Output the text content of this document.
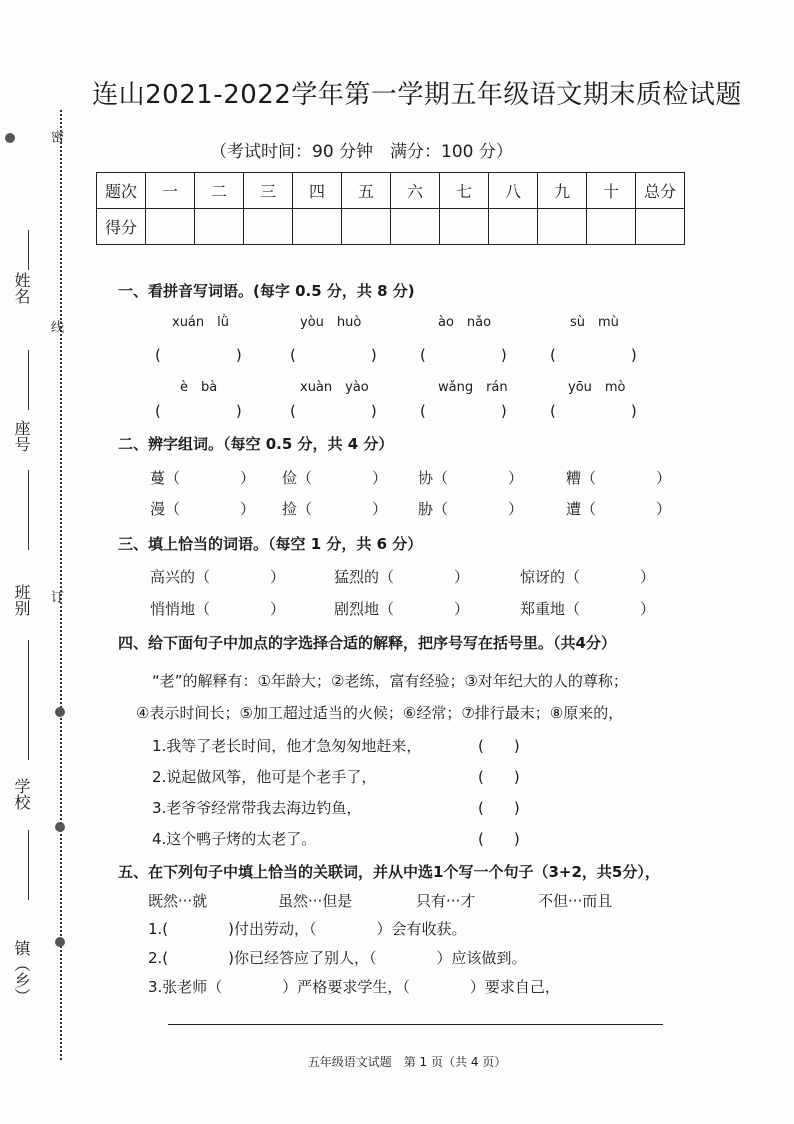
姓名
座号
班别
学校
镇（乡）
密
线
订
连山2021-2022学年第一学期五年级语文期末质检试题
（考试时间：90 分钟　满分：100 分）
题次	一	二	三	四	五	六	七	八	九	十	总分
得分											
一、看拼音写词语。(每字 0.5 分，共 8 分)
xuán　lǜ	yòu　huò	ào　nǎo	sù　mù
(　　　　　)	(　　　　　)	(　　　　　)	(　　　　　)
è　bà	xuàn　yào	wǎng　rán	yōu　mò
(　　　　　)	(　　　　　)	(　　　　　)	(　　　　　)
二、辨字组词。（每空 0.5 分，共 4 分）
蔓（　　　　） 俭（　　　　） 协（　　　　）	糟（　　　　）
漫（　　　　） 捡（　　　　） 胁（　　　　）	遭（　　　　）
三、填上恰当的词语。（每空 1 分，共 6 分）
高兴的（　　　　）	猛烈的（　　　　）	惊讶的（　　　　）
悄悄地（　　　　）	剧烈地（　　　　）	郑重地（　　　　）
四、给下面句子中加点的字选择合适的解释，把序号写在括号里。（共4分）
“老”的解释有：①年龄大；②老练，富有经验；③对年纪大的人的尊称；
④表示时间长；⑤加工超过适当的火候；⑥经常；⑦排行最末；⑧原来的，
1.我等了老长时间，他才急匆匆地赶来，	(　　)
2.说起做风筝，他可是个老手了，	(　　)
3.老爷爷经常带我去海边钓鱼，	(　　)
4.这个鸭子烤的太老了。	(　　)
五、在下列句子中填上恰当的关联词，并从中选1个写一个句子（3+2，共5分），
既然···就	虽然···但是	只有···才	不但···而且
1.(　　　　)付出劳动，（　　　　）会有收获。
2.(　　　　)你已经答应了别人，（　　　　）应该做到。
3.张老师（　　　　）严格要求学生，（　　　　）要求自己，
五年级语文试题　第 1 页（共 4 页）
